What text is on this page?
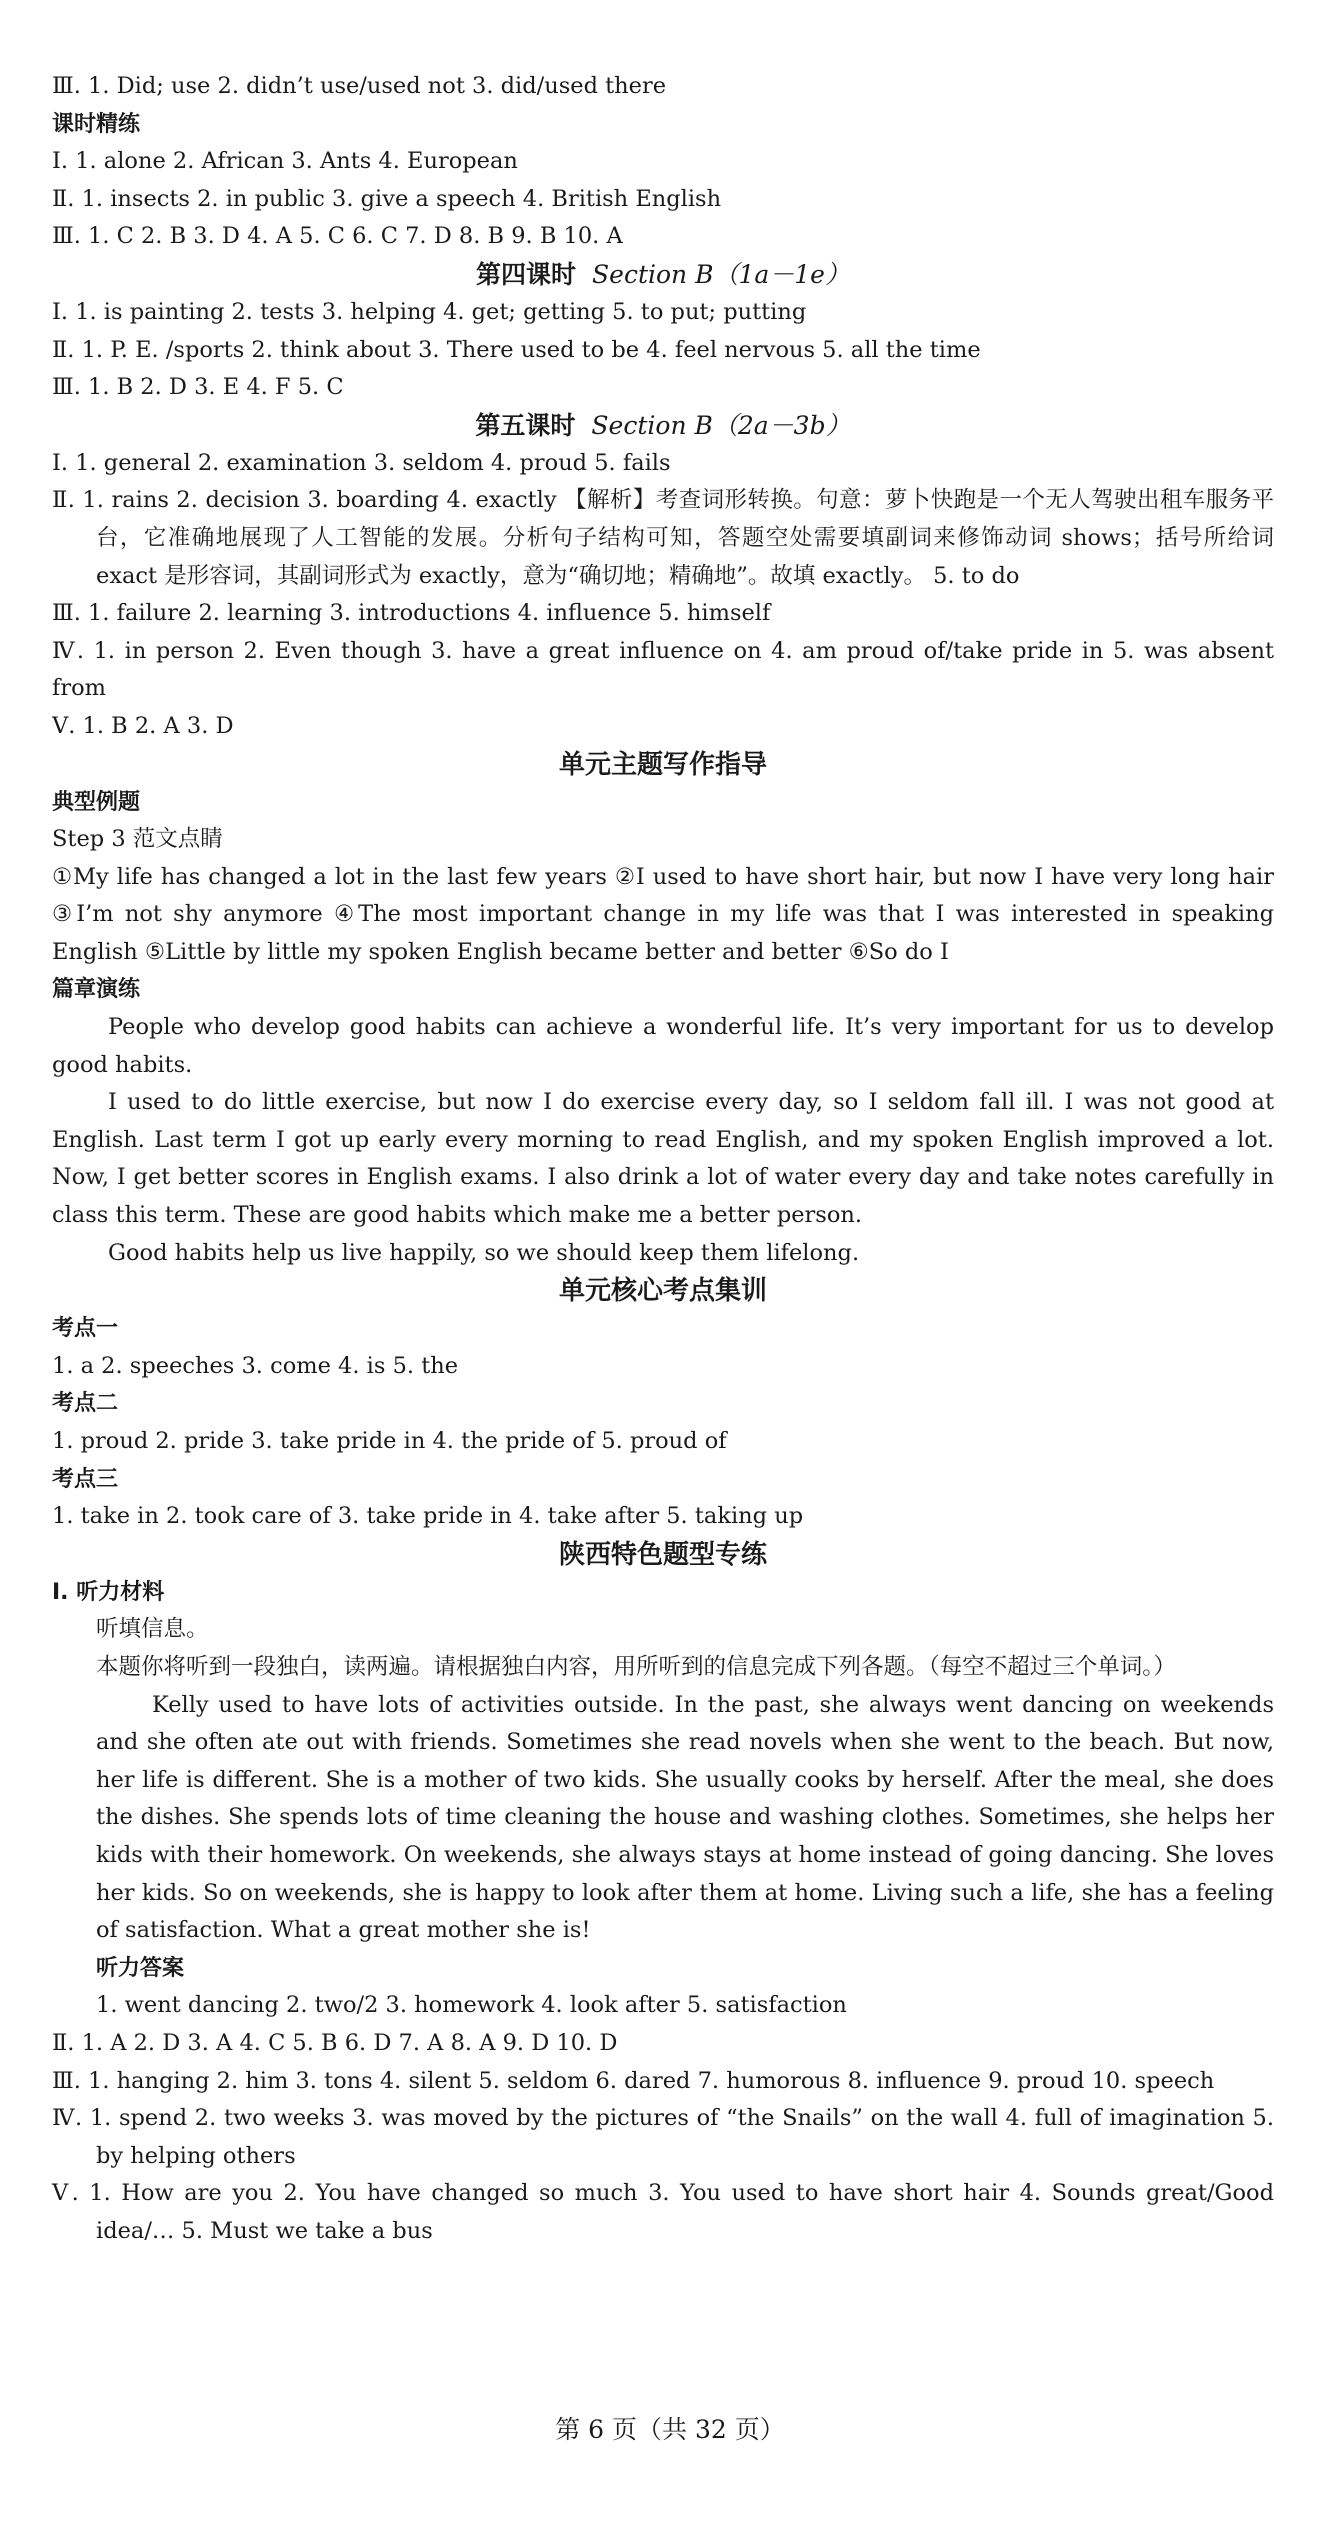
Ⅲ. 1. Did; use 2. didn’t use/used not 3. did/used there
课时精练
Ⅰ. 1. alone 2. African 3. Ants 4. European
Ⅱ. 1. insects 2. in public 3. give a speech 4. British English
Ⅲ. 1. C 2. B 3. D 4. A 5. C 6. C 7. D 8. B 9. B 10. A
第四课时 Section B（1a－1e）
Ⅰ. 1. is painting 2. tests 3. helping 4. get; getting 5. to put; putting
Ⅱ. 1. P. E. /sports 2. think about 3. There used to be 4. feel nervous 5. all the time
Ⅲ. 1. B 2. D 3. E 4. F 5. C
第五课时 Section B（2a－3b）
Ⅰ. 1. general 2. examination 3. seldom 4. proud 5. fails
Ⅱ. 1. rains 2. decision 3. boarding 4. exactly 【解析】考查词形转换。句意：萝卜快跑是一个无人驾驶出租车服务平台，它准确地展现了人工智能的发展。分析句子结构可知，答题空处需要填副词来修饰动词 shows；括号所给词 exact 是形容词，其副词形式为 exactly，意为“确切地；精确地”。故填 exactly。 5. to do
Ⅲ. 1. failure 2. learning 3. introductions 4. influence 5. himself
Ⅳ. 1. in person 2. Even though 3. have a great influence on 4. am proud of/take pride in 5. was absent from
Ⅴ. 1. B 2. A 3. D
单元主题写作指导
典型例题
Step 3 范文点睛
①My life has changed a lot in the last few years ②I used to have short hair, but now I have very long hair ③I’m not shy anymore ④The most important change in my life was that I was interested in speaking English ⑤Little by little my spoken English became better and better ⑥So do I
篇章演练
People who develop good habits can achieve a wonderful life. It’s very important for us to develop good habits.
I used to do little exercise, but now I do exercise every day, so I seldom fall ill. I was not good at English. Last term I got up early every morning to read English, and my spoken English improved a lot. Now, I get better scores in English exams. I also drink a lot of water every day and take notes carefully in class this term. These are good habits which make me a better person.
Good habits help us live happily, so we should keep them lifelong.
单元核心考点集训
考点一
1. a 2. speeches 3. come 4. is 5. the
考点二
1. proud 2. pride 3. take pride in 4. the pride of 5. proud of
考点三
1. take in 2. took care of 3. take pride in 4. take after 5. taking up
陕西特色题型专练
Ⅰ. 听力材料
听填信息。
本题你将听到一段独白，读两遍。请根据独白内容，用所听到的信息完成下列各题。（每空不超过三个单词。）
Kelly used to have lots of activities outside. In the past, she always went dancing on weekends and she often ate out with friends. Sometimes she read novels when she went to the beach. But now, her life is different. She is a mother of two kids. She usually cooks by herself. After the meal, she does the dishes. She spends lots of time cleaning the house and washing clothes. Sometimes, she helps her kids with their homework. On weekends, she always stays at home instead of going dancing. She loves her kids. So on weekends, she is happy to look after them at home. Living such a life, she has a feeling of satisfaction. What a great mother she is!
听力答案
1. went dancing 2. two/2 3. homework 4. look after 5. satisfaction
Ⅱ. 1. A 2. D 3. A 4. C 5. B 6. D 7. A 8. A 9. D 10. D
Ⅲ. 1. hanging 2. him 3. tons 4. silent 5. seldom 6. dared 7. humorous 8. influence 9. proud 10. speech
Ⅳ. 1. spend 2. two weeks 3. was moved by the pictures of “the Snails” on the wall 4. full of imagination 5. by helping others
Ⅴ. 1. How are you 2. You have changed so much 3. You used to have short hair 4. Sounds great/Good idea/… 5. Must we take a bus
第 6 页（共 32 页）
